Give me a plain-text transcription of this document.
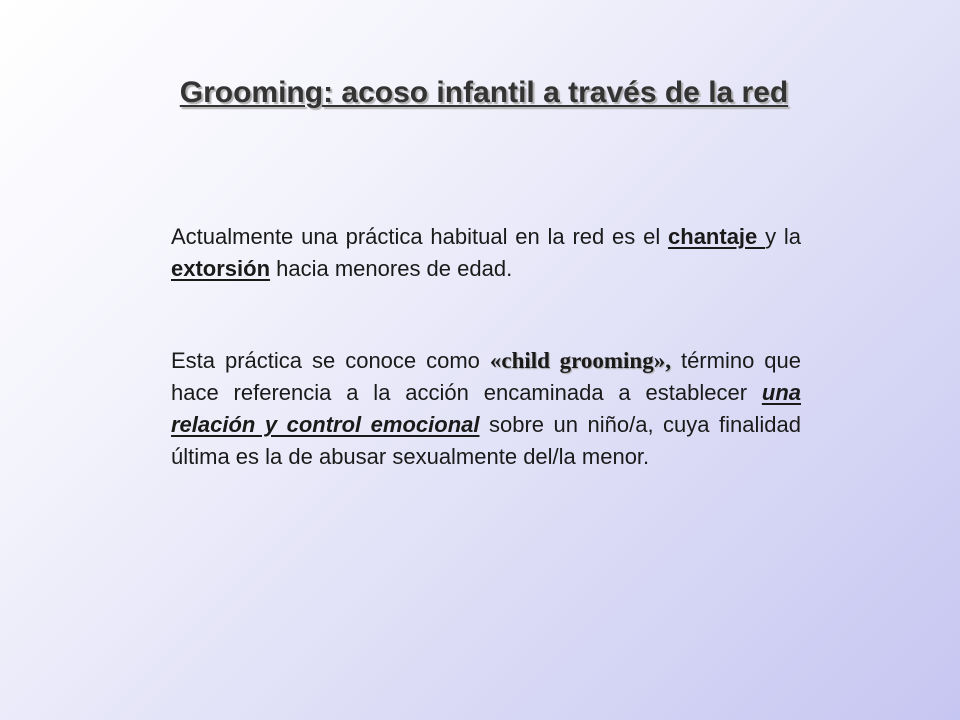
Grooming: acoso infantil a través de la red

Actualmente una práctica habitual en la red es el chantaje y la extorsión hacia menores de edad.

Esta práctica se conoce como «child grooming», término que hace referencia a la acción encaminada a establecer una relación y control emocional sobre un niño/a, cuya finalidad última es la de abusar sexualmente del/la menor.
